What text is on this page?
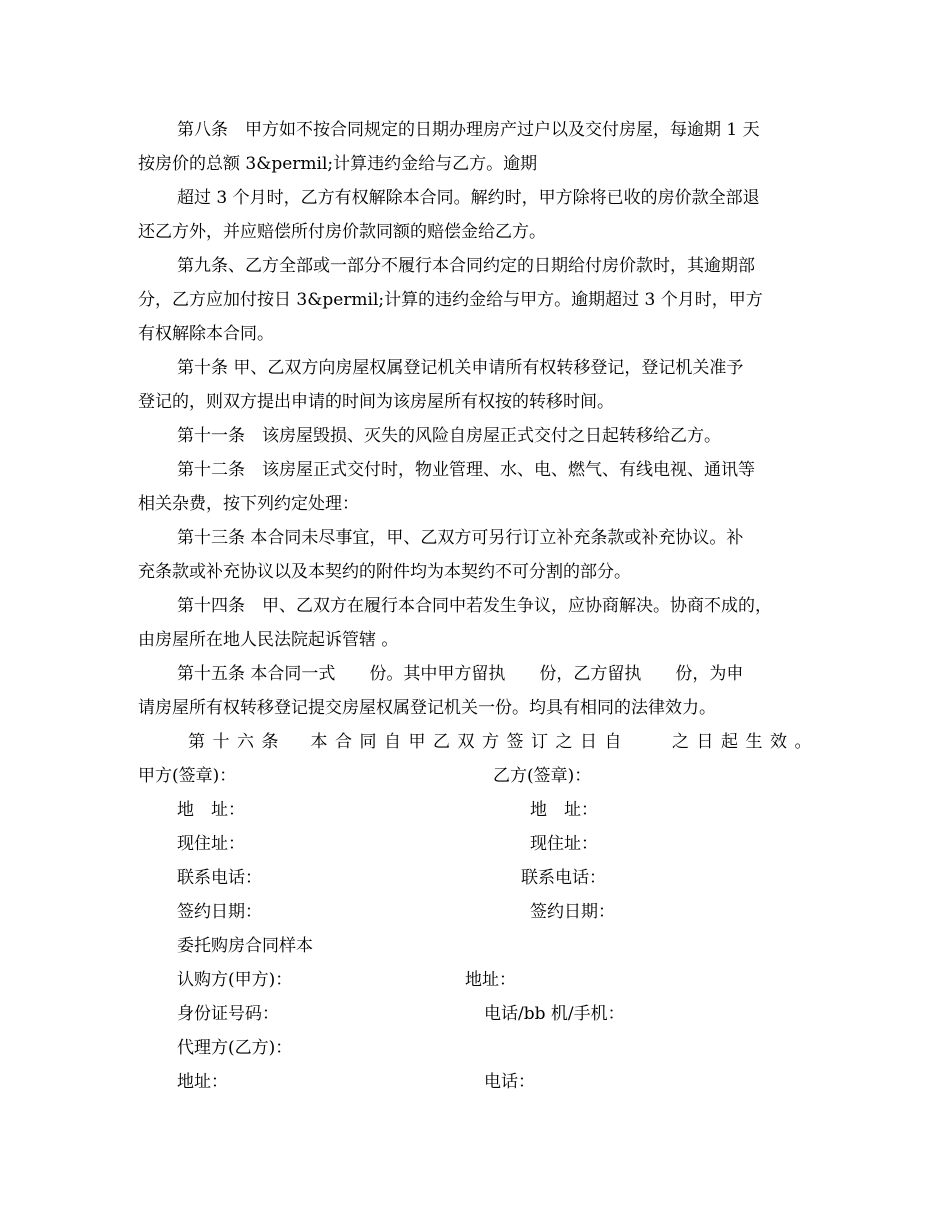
第八条　甲方如不按合同规定的日期办理房产过户以及交付房屋，每逾期 1 天
按房价的总额 3&permil;计算违约金给与乙方。逾期
超过 3 个月时，乙方有权解除本合同。解约时，甲方除将已收的房价款全部退
还乙方外，并应赔偿所付房价款同额的赔偿金给乙方。
第九条、乙方全部或一部分不履行本合同约定的日期给付房价款时，其逾期部
分，乙方应加付按日 3&permil;计算的违约金给与甲方。逾期超过 3 个月时，甲方
有权解除本合同。
第十条 甲、乙双方向房屋权属登记机关申请所有权转移登记，登记机关准予
登记的，则双方提出申请的时间为该房屋所有权按的转移时间。
第十一条　该房屋毁损、灭失的风险自房屋正式交付之日起转移给乙方。
第十二条　该房屋正式交付时，物业管理、水、电、燃气、有线电视、通讯等
相关杂费，按下列约定处理：
第十三条 本合同未尽事宜，甲、乙双方可另行订立补充条款或补充协议。补
充条款或补充协议以及本契约的附件均为本契约不可分割的部分。
第十四条　甲、乙双方在履行本合同中若发生争议，应协商解决。协商不成的，
由房屋所在地人民法院起诉管辖 。
第十五条 本合同一式　　份。其中甲方留执　　份，乙方留执　　份，为申
请房屋所有权转移登记提交房屋权属登记机关一份。均具有相同的法律效力。
第十六条　本合同自甲乙双方签订之日自	之日起生效。
甲方(签章)：	乙方(签章)：
地　址：	地　址：
现住址：	现住址：
联系电话：	联系电话：
签约日期：	签约日期：
委托购房合同样本
认购方(甲方)：	地址：
身份证号码：	电话/bb 机/手机：
代理方(乙方)：
地址：	电话：
